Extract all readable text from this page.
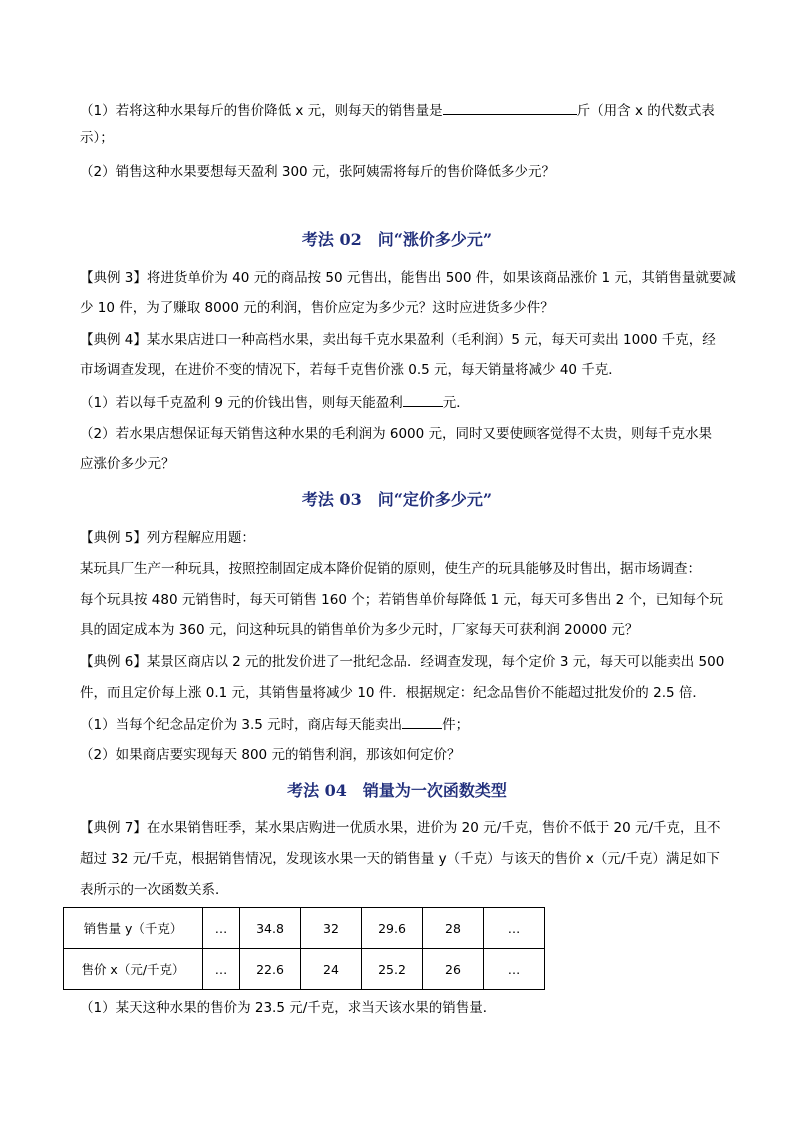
（1）若将这种水果每斤的售价降低 x 元，则每天的销售量是	斤（用含 x 的代数式表
示）；
（2）销售这种水果要想每天盈利 300 元，张阿姨需将每斤的售价降低多少元？
考法 02　问“涨价多少元”
【典例 3】将进货单价为 40 元的商品按 50 元售出，能售出 500 件，如果该商品涨价 1 元，其销售量就要减
少 10 件，为了赚取 8000 元的利润，售价应定为多少元？这时应进货多少件？
【典例 4】某水果店进口一种高档水果，卖出每千克水果盈利（毛利润）5 元，每天可卖出 1000 千克，经
市场调查发现，在进价不变的情况下，若每千克售价涨 0.5 元，每天销量将减少 40 千克．
（1）若以每千克盈利 9 元的价钱出售，则每天能盈利	元．
（2）若水果店想保证每天销售这种水果的毛利润为 6000 元，同时又要使顾客觉得不太贵，则每千克水果
应涨价多少元？
考法 03　问“定价多少元”
【典例 5】列方程解应用题：
某玩具厂生产一种玩具，按照控制固定成本降价促销的原则，使生产的玩具能够及时售出，据市场调查：
每个玩具按 480 元销售时，每天可销售 160 个；若销售单价每降低 1 元，每天可多售出 2 个，已知每个玩
具的固定成本为 360 元，问这种玩具的销售单价为多少元时，厂家每天可获利润 20000 元？
【典例 6】某景区商店以 2 元的批发价进了一批纪念品．经调查发现，每个定价 3 元，每天可以能卖出 500
件，而且定价每上涨 0.1 元，其销售量将减少 10 件．根据规定：纪念品售价不能超过批发价的 2.5 倍．
（1）当每个纪念品定价为 3.5 元时，商店每天能卖出	件；
（2）如果商店要实现每天 800 元的销售利润，那该如何定价？
考法 04　销量为一次函数类型
【典例 7】在水果销售旺季，某水果店购进一优质水果，进价为 20 元/千克，售价不低于 20 元/千克，且不
超过 32 元/千克，根据销售情况，发现该水果一天的销售量 y（千克）与该天的售价 x（元/千克）满足如下
表所示的一次函数关系．
销售量 y（千克）	…	34.8	32	29.6	28	…
售价 x（元/千克）	…	22.6	24	25.2	26	…
（1）某天这种水果的售价为 23.5 元/千克，求当天该水果的销售量．
